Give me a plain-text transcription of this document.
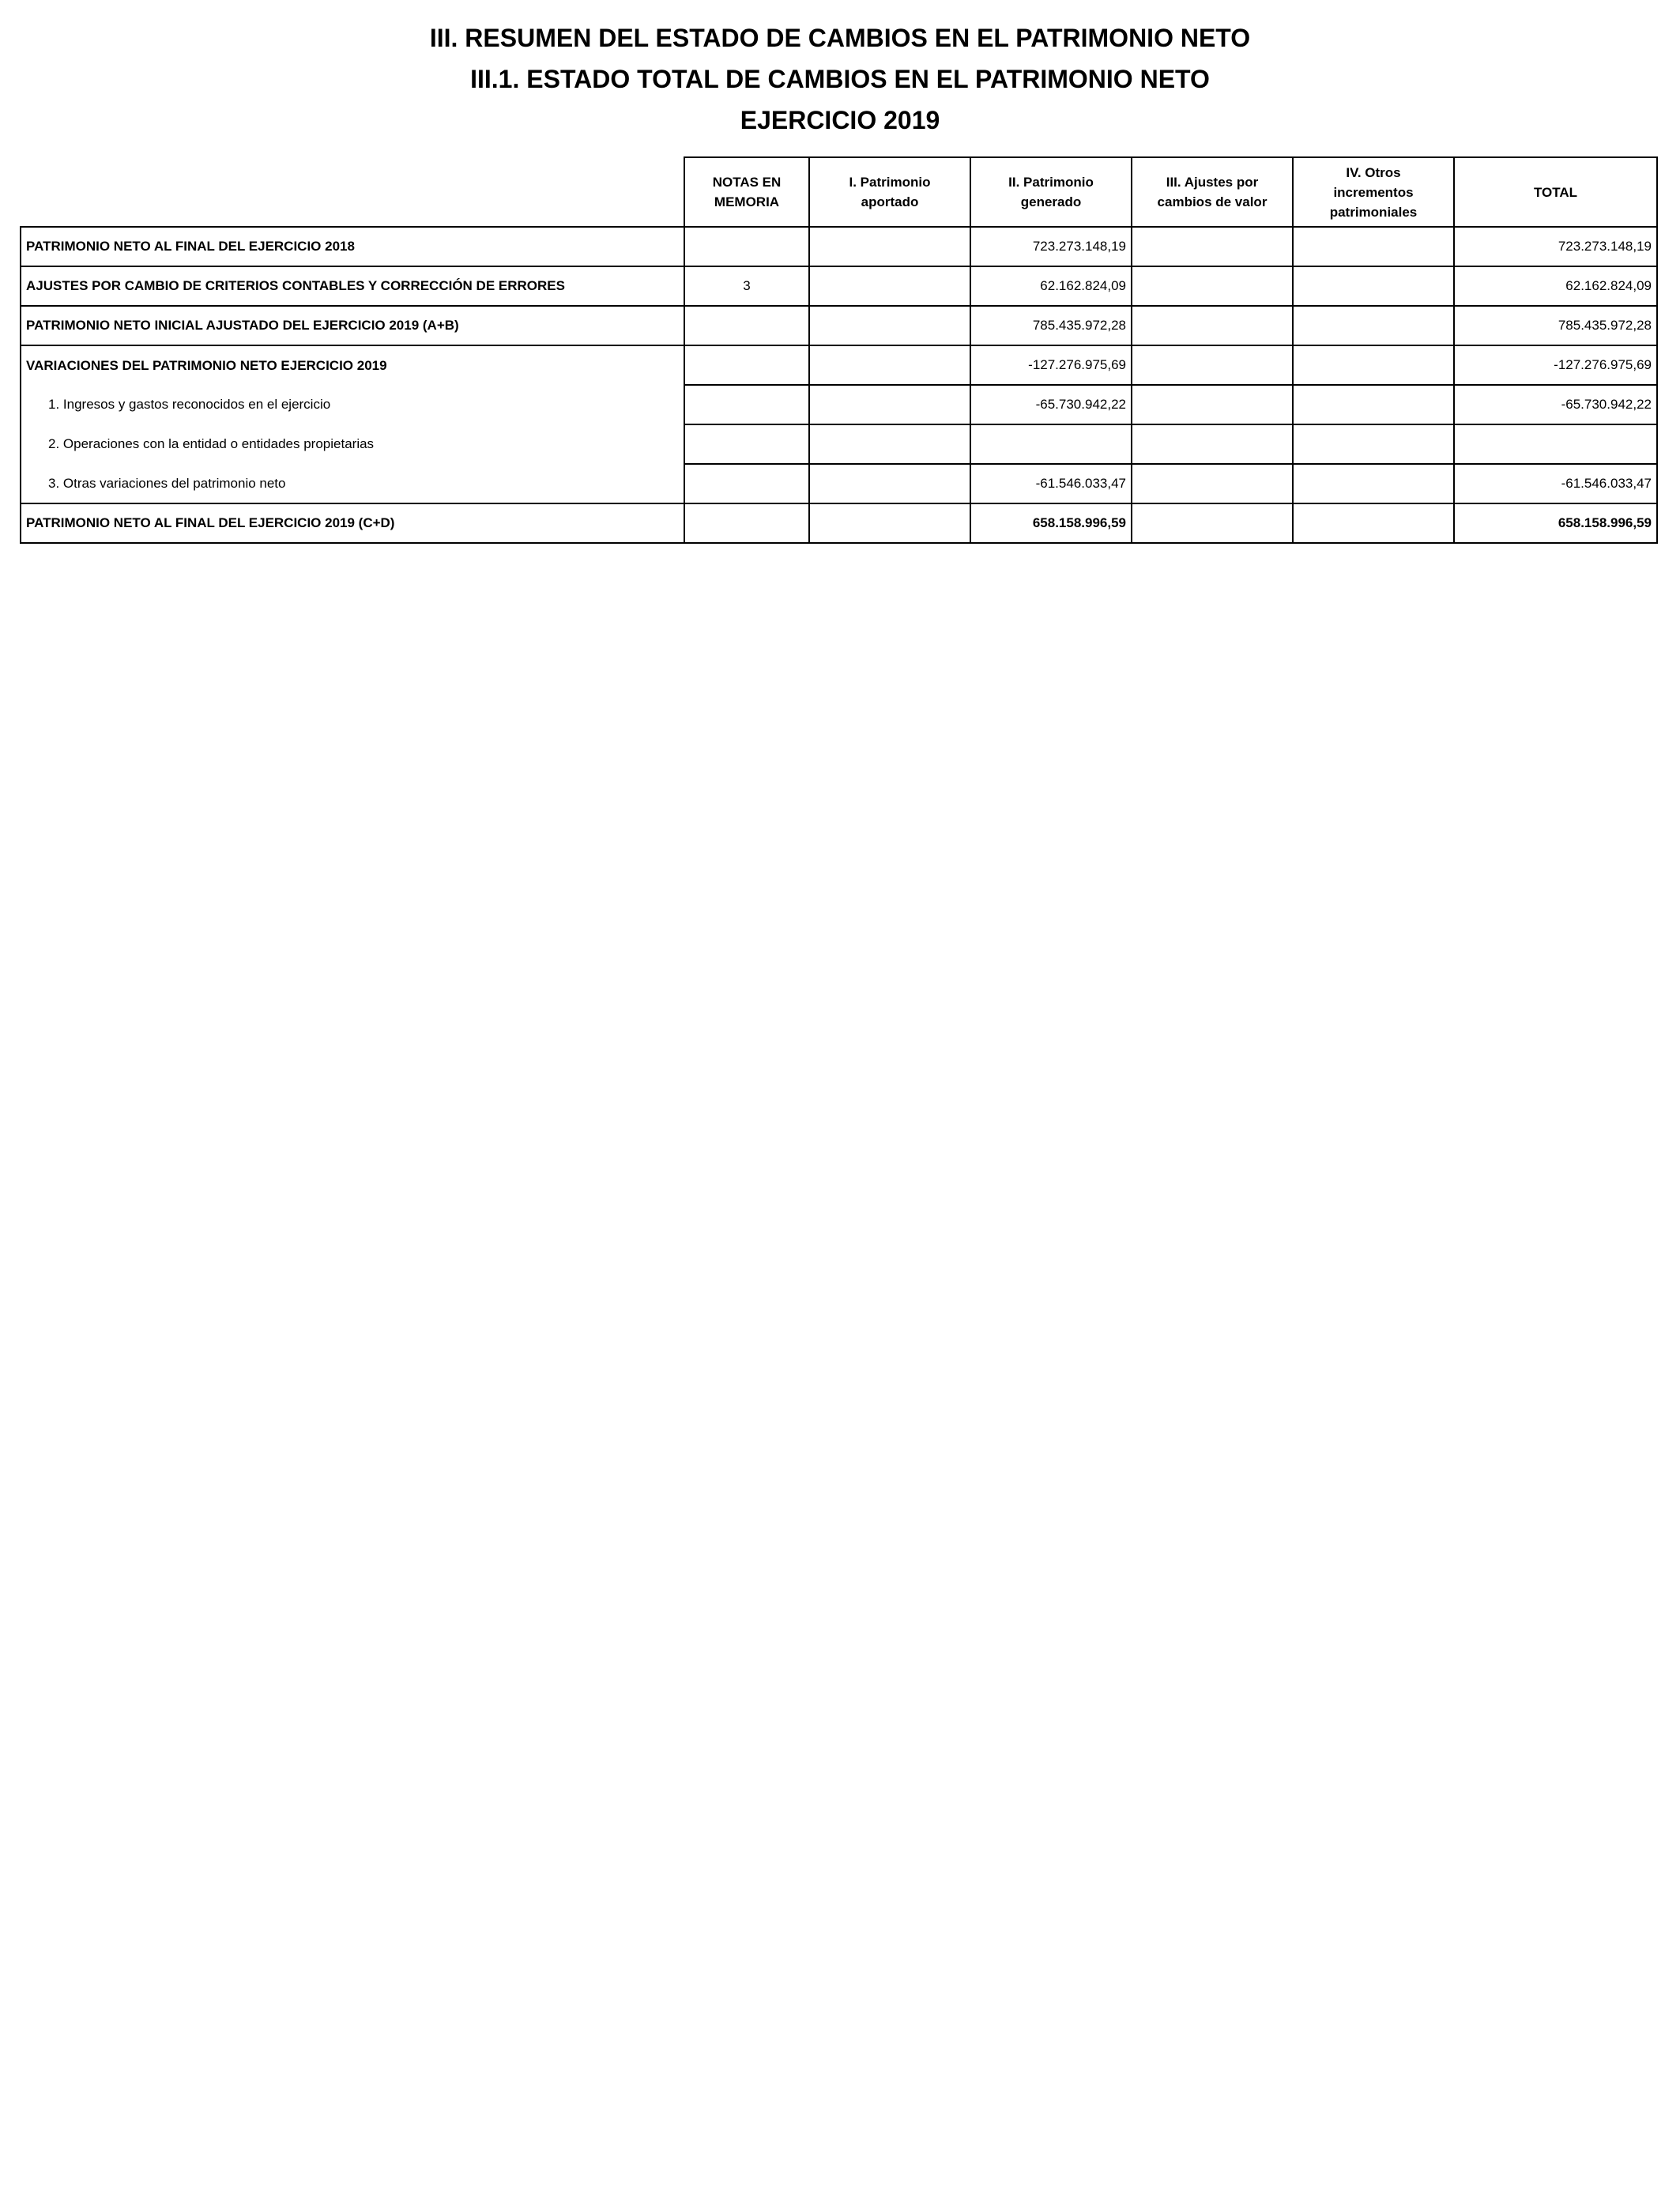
III. RESUMEN DEL ESTADO DE CAMBIOS EN EL PATRIMONIO NETO
III.1. ESTADO TOTAL DE CAMBIOS EN EL PATRIMONIO NETO
EJERCICIO 2019
	NOTAS EN MEMORIA	I. Patrimonio aportado	II. Patrimonio generado	III. Ajustes por cambios de valor	IV. Otros incrementos patrimoniales	TOTAL
PATRIMONIO NETO AL FINAL DEL EJERCICIO 2018			723.273.148,19			723.273.148,19
AJUSTES POR CAMBIO DE CRITERIOS CONTABLES Y CORRECCIÓN DE ERRORES	3		62.162.824,09			62.162.824,09
PATRIMONIO NETO INICIAL AJUSTADO DEL EJERCICIO 2019 (A+B)			785.435.972,28			785.435.972,28
VARIACIONES DEL PATRIMONIO NETO EJERCICIO 2019			-127.276.975,69			-127.276.975,69
1. Ingresos y gastos reconocidos en el ejercicio			-65.730.942,22			-65.730.942,22
2. Operaciones con la entidad o entidades propietarias						
3. Otras variaciones del patrimonio neto			-61.546.033,47			-61.546.033,47
PATRIMONIO NETO AL FINAL DEL EJERCICIO 2019 (C+D)			658.158.996,59			658.158.996,59
